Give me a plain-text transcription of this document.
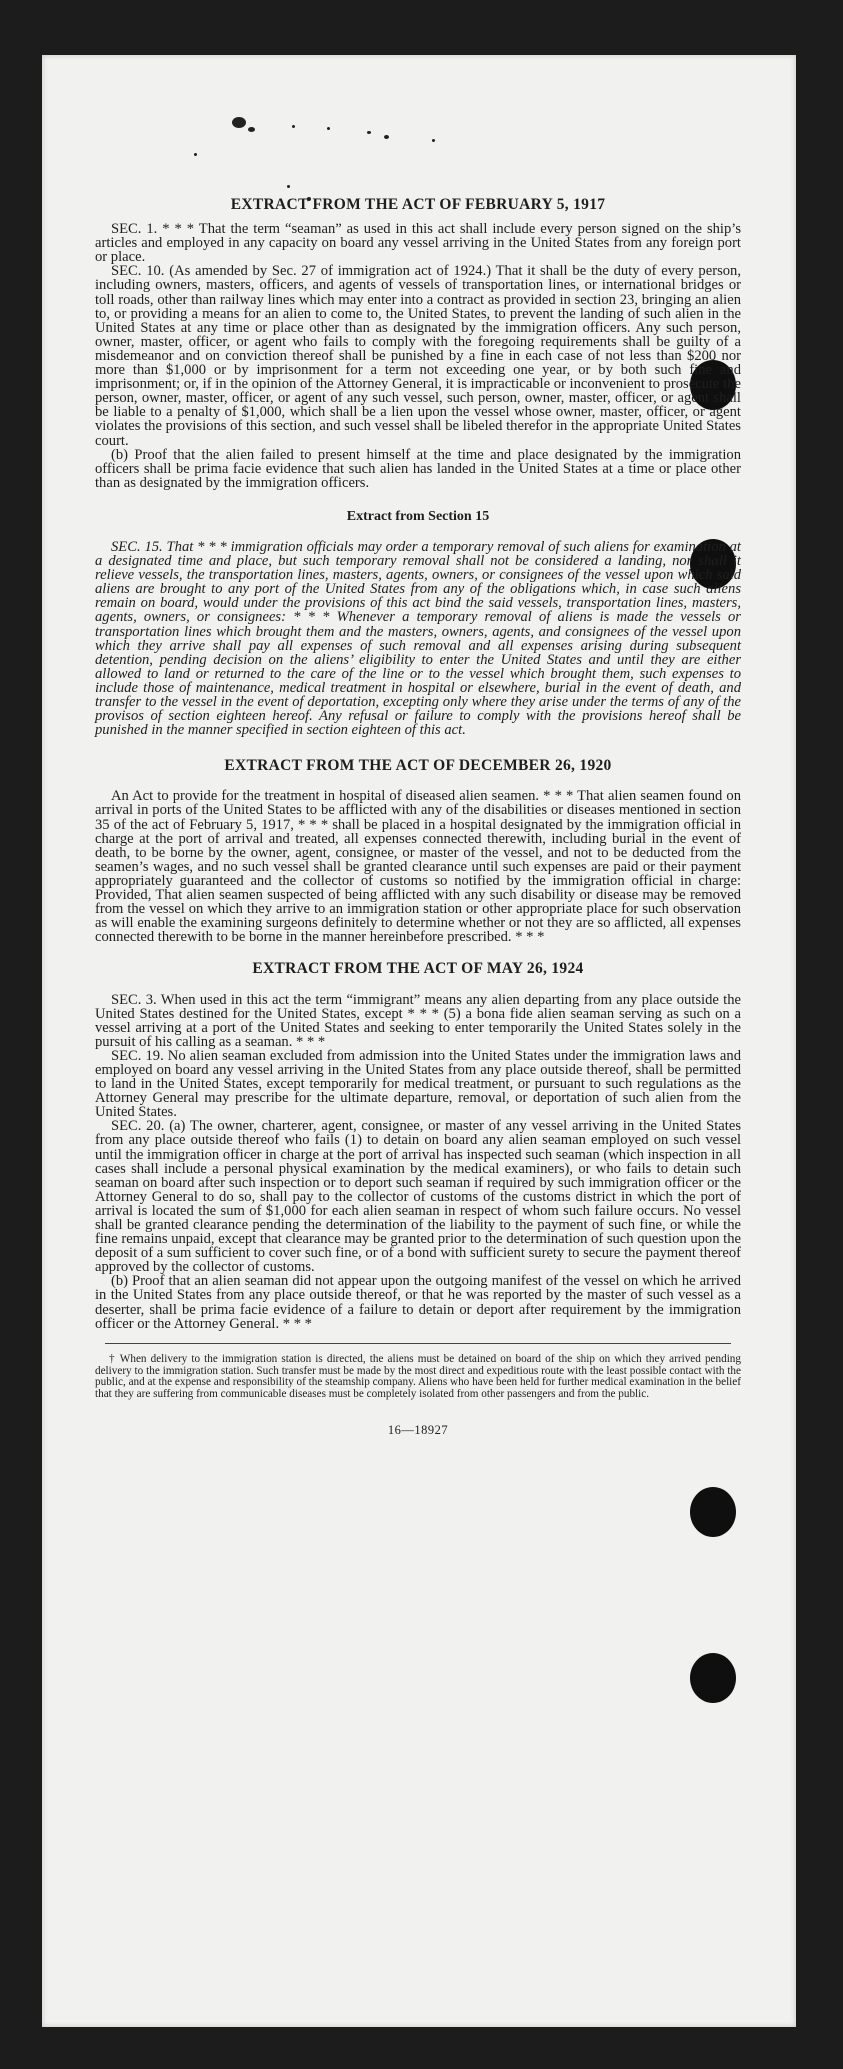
EXTRACT FROM THE ACT OF FEBRUARY 5, 1917

SEC. 1. * * * That the term “seaman” as used in this act shall include every person signed on the ship’s articles and employed in any capacity on board any vessel arriving in the United States from any foreign port or place.

SEC. 10. (As amended by Sec. 27 of immigration act of 1924.) That it shall be the duty of every person, including owners, masters, officers, and agents of vessels of transportation lines, or international bridges or toll roads, other than railway lines which may enter into a contract as provided in section 23, bringing an alien to, or providing a means for an alien to come to, the United States, to prevent the landing of such alien in the United States at any time or place other than as designated by the immigration officers. Any such person, owner, master, officer, or agent who fails to comply with the foregoing requirements shall be guilty of a misdemeanor and on conviction thereof shall be punished by a fine in each case of not less than $200 nor more than $1,000 or by imprisonment for a term not exceeding one year, or by both such fine and imprisonment; or, if in the opinion of the Attorney General, it is impracticable or inconvenient to prosecute the person, owner, master, officer, or agent of any such vessel, such person, owner, master, officer, or agent shall be liable to a penalty of $1,000, which shall be a lien upon the vessel whose owner, master, officer, or agent violates the provisions of this section, and such vessel shall be libeled therefor in the appropriate United States court.

(b) Proof that the alien failed to present himself at the time and place designated by the immigration officers shall be prima facie evidence that such alien has landed in the United States at a time or place other than as designated by the immigration officers.

Extract from Section 15

SEC. 15. That * * * immigration officials may order a temporary removal of such aliens for examination at a designated time and place, but such temporary removal shall not be considered a landing, nor shall it relieve vessels, the transportation lines, masters, agents, owners, or consignees of the vessel upon which said aliens are brought to any port of the United States from any of the obligations which, in case such aliens remain on board, would under the provisions of this act bind the said vessels, transportation lines, masters, agents, owners, or consignees: * * * Whenever a temporary removal of aliens is made the vessels or transportation lines which brought them and the masters, owners, agents, and consignees of the vessel upon which they arrive shall pay all expenses of such removal and all expenses arising during subsequent detention, pending decision on the aliens’ eligibility to enter the United States and until they are either allowed to land or returned to the care of the line or to the vessel which brought them, such expenses to include those of maintenance, medical treatment in hospital or elsewhere, burial in the event of death, and transfer to the vessel in the event of deportation, excepting only where they arise under the terms of any of the provisos of section eighteen hereof. Any refusal or failure to comply with the provisions hereof shall be punished in the manner specified in section eighteen of this act.

EXTRACT FROM THE ACT OF DECEMBER 26, 1920

An Act to provide for the treatment in hospital of diseased alien seamen. * * * That alien seamen found on arrival in ports of the United States to be afflicted with any of the disabilities or diseases mentioned in section 35 of the act of February 5, 1917, * * * shall be placed in a hospital designated by the immigration official in charge at the port of arrival and treated, all expenses connected therewith, including burial in the event of death, to be borne by the owner, agent, consignee, or master of the vessel, and not to be deducted from the seamen’s wages, and no such vessel shall be granted clearance until such expenses are paid or their payment appropriately guaranteed and the collector of customs so notified by the immigration official in charge: Provided, That alien seamen suspected of being afflicted with any such disability or disease may be removed from the vessel on which they arrive to an immigration station or other appropriate place for such observation as will enable the examining surgeons definitely to determine whether or not they are so afflicted, all expenses connected therewith to be borne in the manner hereinbefore prescribed. * * *

EXTRACT FROM THE ACT OF MAY 26, 1924

SEC. 3. When used in this act the term “immigrant” means any alien departing from any place outside the United States destined for the United States, except * * * (5) a bona fide alien seaman serving as such on a vessel arriving at a port of the United States and seeking to enter temporarily the United States solely in the pursuit of his calling as a seaman. * * *

SEC. 19. No alien seaman excluded from admission into the United States under the immigration laws and employed on board any vessel arriving in the United States from any place outside thereof, shall be permitted to land in the United States, except temporarily for medical treatment, or pursuant to such regulations as the Attorney General may prescribe for the ultimate departure, removal, or deportation of such alien from the United States.

SEC. 20. (a) The owner, charterer, agent, consignee, or master of any vessel arriving in the United States from any place outside thereof who fails (1) to detain on board any alien seaman employed on such vessel until the immigration officer in charge at the port of arrival has inspected such seaman (which inspection in all cases shall include a personal physical examination by the medical examiners), or who fails to detain such seaman on board after such inspection or to deport such seaman if required by such immigration officer or the Attorney General to do so, shall pay to the collector of customs of the customs district in which the port of arrival is located the sum of $1,000 for each alien seaman in respect of whom such failure occurs. No vessel shall be granted clearance pending the determination of the liability to the payment of such fine, or while the fine remains unpaid, except that clearance may be granted prior to the determination of such question upon the deposit of a sum sufficient to cover such fine, or of a bond with sufficient surety to secure the payment thereof approved by the collector of customs.

(b) Proof that an alien seaman did not appear upon the outgoing manifest of the vessel on which he arrived in the United States from any place outside thereof, or that he was reported by the master of such vessel as a deserter, shall be prima facie evidence of a failure to detain or deport after requirement by the immigration officer or the Attorney General. * * *

† When delivery to the immigration station is directed, the aliens must be detained on board of the ship on which they arrived pending delivery to the immigration station. Such transfer must be made by the most direct and expeditious route with the least possible contact with the public, and at the expense and responsibility of the steamship company. Aliens who have been held for further medical examination in the belief that they are suffering from communicable diseases must be completely isolated from other passengers and from the public.

16—18927
